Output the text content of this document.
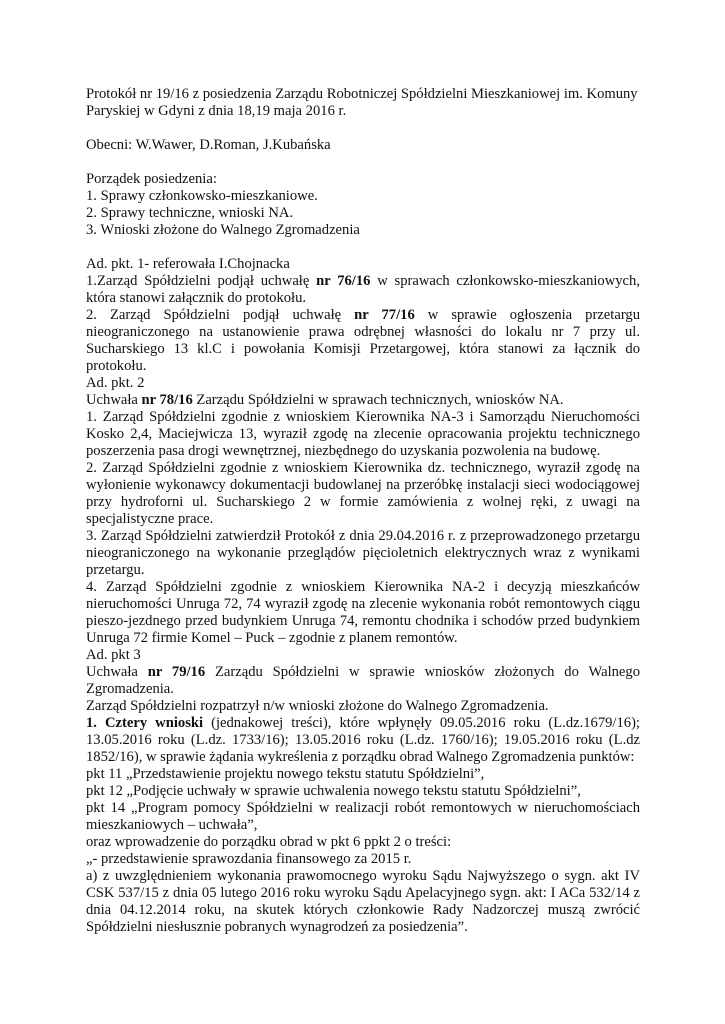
Protokół nr 19/16 z posiedzenia Zarządu Robotniczej Spółdzielni Mieszkaniowej im. Komuny Paryskiej w Gdyni z dnia 18,19 maja 2016 r.

Obecni: W.Wawer, D.Roman, J.Kubańska

Porządek posiedzenia:

1. Sprawy członkowsko-mieszkaniowe.

2. Sprawy techniczne, wnioski NA.

3. Wnioski złożone do Walnego Zgromadzenia

Ad. pkt. 1- referowała I.Chojnacka

1.Zarząd Spółdzielni podjął uchwałę nr 76/16 w sprawach członkowsko-mieszkaniowych, która stanowi załącznik do protokołu.

2. Zarząd Spółdzielni podjął uchwałę nr 77/16 w sprawie ogłoszenia przetargu nieograniczonego na ustanowienie prawa odrębnej własności do lokalu nr 7 przy ul. Sucharskiego 13 kl.C i powołania Komisji Przetargowej, która stanowi za łącznik do protokołu.

Ad. pkt. 2

Uchwała nr 78/16 Zarządu Spółdzielni w sprawach technicznych, wniosków NA.

1. Zarząd Spółdzielni zgodnie z wnioskiem Kierownika NA-3 i Samorządu Nieruchomości Kosko 2,4, Maciejwicza 13, wyraził zgodę na zlecenie opracowania projektu technicznego poszerzenia pasa drogi wewnętrznej, niezbędnego do uzyskania pozwolenia na budowę.

2. Zarząd Spółdzielni zgodnie z wnioskiem Kierownika dz. technicznego, wyraził zgodę na wyłonienie wykonawcy dokumentacji budowlanej na przeróbkę instalacji sieci wodociągowej przy hydroforni ul. Sucharskiego 2 w formie zamówienia z wolnej ręki, z uwagi na specjalistyczne prace.

3. Zarząd Spółdzielni zatwierdził Protokół z dnia 29.04.2016 r. z przeprowadzonego przetargu nieograniczonego na wykonanie przeglądów pięcioletnich elektrycznych wraz z wynikami przetargu.

4. Zarząd Spółdzielni zgodnie z wnioskiem Kierownika NA-2 i decyzją mieszkańców nieruchomości Unruga 72, 74 wyraził zgodę na zlecenie wykonania robót remontowych ciągu pieszo-jezdnego przed budynkiem Unruga 74, remontu chodnika i schodów przed budynkiem Unruga 72 firmie Komel – Puck – zgodnie z planem remontów.

Ad. pkt 3

Uchwała nr 79/16 Zarządu Spółdzielni w sprawie wniosków złożonych do Walnego Zgromadzenia.

Zarząd Spółdzielni rozpatrzył n/w wnioski złożone do Walnego Zgromadzenia.

1. Cztery wnioski (jednakowej treści), które wpłynęły 09.05.2016 roku (L.dz.1679/16); 13.05.2016 roku (L.dz. 1733/16); 13.05.2016 roku (L.dz. 1760/16); 19.05.2016 roku (L.dz 1852/16), w sprawie żądania wykreślenia z porządku obrad Walnego Zgromadzenia punktów:

pkt 11 „Przedstawienie projektu nowego tekstu statutu Spółdzielni”,

pkt 12 „Podjęcie uchwały w sprawie uchwalenia nowego tekstu statutu Spółdzielni”,

pkt 14 „Program pomocy Spółdzielni w realizacji robót remontowych w nieruchomościach mieszkaniowych – uchwała”,

oraz wprowadzenie do porządku obrad w pkt 6 ppkt 2 o treści:

„- przedstawienie sprawozdania finansowego za 2015 r.

a) z uwzględnieniem wykonania prawomocnego wyroku Sądu Najwyższego o sygn. akt IV CSK 537/15 z dnia 05 lutego 2016 roku wyroku Sądu Apelacyjnego sygn. akt: I ACa 532/14 z dnia 04.12.2014 roku, na skutek których członkowie Rady Nadzorczej muszą zwrócić Spółdzielni niesłusznie pobranych wynagrodzeń za posiedzenia”.
